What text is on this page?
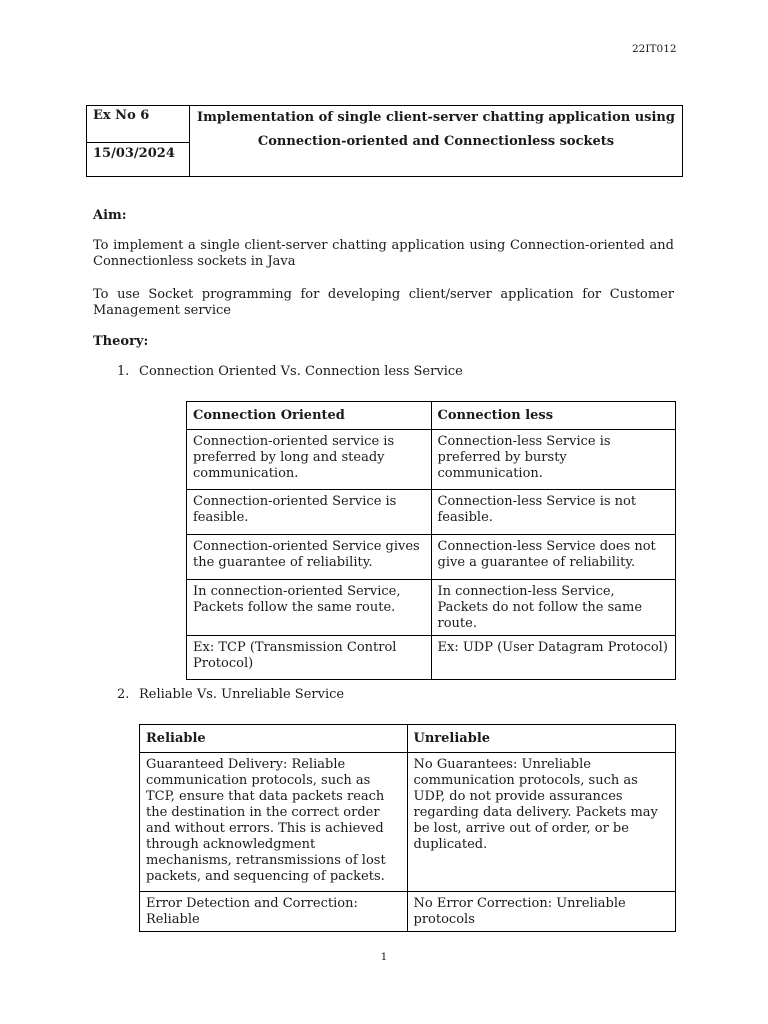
22IT012
Ex No 6	Implementation of single client-server chatting application using
Connection-oriented and Connectionless sockets

15/03/2024
Aim:
To implement a single client-server chatting application using Connection-oriented and Connectionless sockets in Java
To use Socket programming for developing client/server application for Customer Management service
Theory:
1. Connection Oriented Vs. Connection less Service
Connection Oriented	Connection less
Connection-oriented service is preferred by long and steady communication.	Connection-less Service is preferred by bursty communication.
Connection-oriented Service is feasible.	Connection-less Service is not feasible.
Connection-oriented Service gives the guarantee of reliability.	Connection-less Service does not give a guarantee of reliability.
In connection-oriented Service, Packets follow the same route.	In connection-less Service, Packets do not follow the same route.
Ex: TCP (Transmission Control Protocol)	Ex: UDP (User Datagram Protocol)
2. Reliable Vs. Unreliable Service
Reliable	Unreliable
Guaranteed Delivery: Reliable communication protocols, such as TCP, ensure that data packets reach the destination in the correct order and without errors. This is achieved through acknowledgment mechanisms, retransmissions of lost packets, and sequencing of packets.	No Guarantees: Unreliable communication protocols, such as UDP, do not provide assurances regarding data delivery. Packets may be lost, arrive out of order, or be duplicated.
Error Detection and Correction: Reliable	No Error Correction: Unreliable protocols
1
